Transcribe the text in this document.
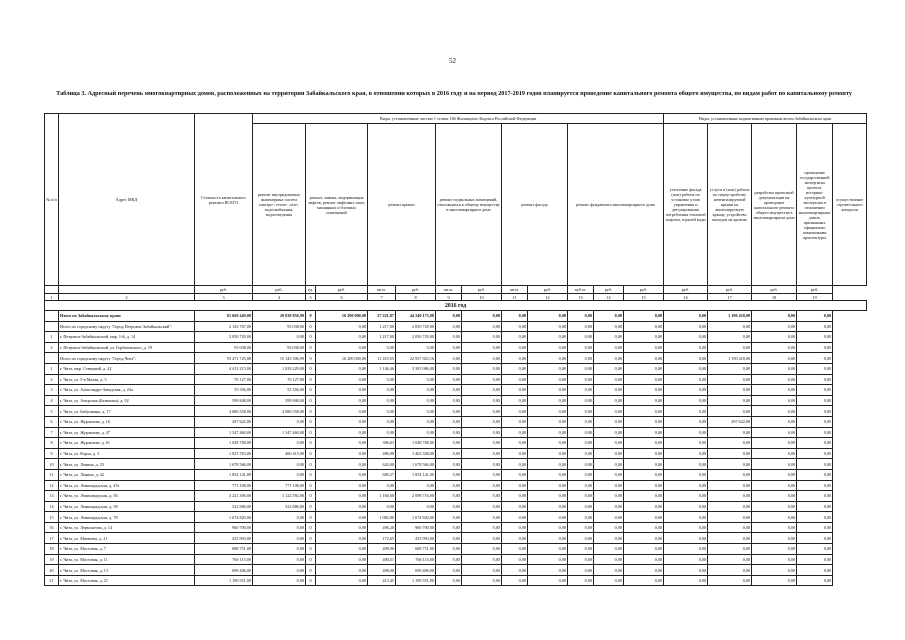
52
Таблица 3. Адресный перечень многоквартирных домов, расположенных на территории Забайкальского края, в отношении которых в 2016 году и на период 2017-2019 годов планируется проведение капитального ремонта общего имущества, по видам работ по капитальному ремонту
№ п/п	Адрес МКД	Стоимость капитального ремонта ВСЕГО	Виды, установленные частью 1 статьи 166 Жилищного Кодекса Российской Федерации												Виды, установленные нормативным правовым актом Забайкальского края				
			ремонт внутридомовых инженерных систем электро-, тепло-, газо-, водоснабжения, водоотведения	ремонт, замена, модернизация лифтов, ремонт лифтовых шахт, машинных и блочных помещений		ремонт крыши		ремонт подвальных помещений, относящихся к общему имуществу в многоквартирном доме		ремонт фасада		ремонт фундамента многоквартирного дома			утепление фасада (или) работы по установке узлов управления и регулирования потребления тепловой энергии, горячей воды	услуги и (или) работы по переустройству невентилируемой крыши на вентилируемую крышу, устройство выходов на кровлю	разработка проектной документации на проведение капитального ремонта общего имущества в многоквартирном доме	проведение государственной экспертизы проекта, историко-культурной экспертизы в отношении многоквартирных домов, признанных официально памятниками архитектуры	осуществление строительного контроля
		руб.	руб.	ед.	руб.	кв.м.	руб.	кв.м.	руб.	кв.м.	руб.	куб.м.	руб.	руб.	руб.	руб.	руб.	руб.	
1	2	3	4	5	6	7	8	9	10	11	12	13	14	15	16	17	18	19	
2016 год																			
	Итого по Забайкальскому краю:	81 669 449,08	20 038 856,99	9	16 200 000,00	27 221,87	44 240 175,08	0,00	0,00	0,00	0,00	0,00	0,00	0,00	0,00	1 190 418,00	0,00	0,00	
	Итого по городскому округу "Город Петровск-Забайкальский":	2 143 767,00	93 038,00	0	0,00	1 217,00	2 050 729,00	0,00	0,00	0,00	0,00	0,00	0,00	0,00	0,00	0,00	0,00	0,00	
1	г. Петровск-Забайкальский, мкр. 1-й, д. 14	2 050 729,00	0,00	0	0,00	1 217,00	2 050 729,00	0,00	0,00	0,00	0,00	0,00	0,00	0,00	0,00	0,00	0,00	0,00	
2	г. Петровск-Забайкальский, ул. Горбачевского, д. 19	93 038,00	93 038,00	0	0,00	0,00	0,00	0,00	0,00	0,00	0,00	0,00	0,00	0,00	0,00	0,00	0,00	0,00	
	Итого по городскому округу "Город Чита":	55 471 725,08	15 143 396,99	9	16 200 000,00	11 419,55	22 937 923,16	0,00	0,00	0,00	0,00	0,00	0,00	0,00	0,00	1 190 418,00	0,00	0,00	
1	г. Чита, мкр. Северный, д. 42	4 413 215,00	1 029 229,00	0	0,00	1 146,46	3 383 986,00	0,00	0,00	0,00	0,00	0,00	0,00	0,00	0,00	0,00	0,00	0,00	
2	г. Чита, ул. 5-я Малая, д. 5	70 127,00	70 127,00	0	0,00	0,00	0,00	0,00	0,00	0,00	0,00	0,00	0,00	0,00	0,00	0,00	0,00	0,00	
3	г. Чита, ул. Александро-Заводская, д. 24а	53 356,00	53 356,00	0	0,00	0,00	0,00	0,00	0,00	0,00	0,00	0,00	0,00	0,00	0,00	0,00	0,00	0,00	
4	г. Чита, ул. Амурская (Батюшки), д. 92	599 848,00	599 848,00	0	0,00	0,00	0,00	0,00	0,00	0,00	0,00	0,00	0,00	0,00	0,00	0,00	0,00	0,00	
5	г. Чита, ул. Бабушкина, д. 17	4 086 558,00	4 086 558,00	0	0,00	0,00	0,00	0,00	0,00	0,00	0,00	0,00	0,00	0,00	0,00	0,00	0,00	0,00	
6	г. Чита, ул. Журавлева, д. 16	297 622,00	0,00	0	0,00	0,00	0,00	0,00	0,00	0,00	0,00	0,00	0,00	0,00	0,00	297 622,00	0,00	0,00	
7	г. Чита, ул. Журавлева, д. 47	1 347 460,00	1 347 460,00	0	0,00	0,00	0,00	0,00	0,00	0,00	0,00	0,00	0,00	0,00	0,00	0,00	0,00	0,00	
8	г. Чита, ул. Журавлева, д. 61	1 048 768,00	0,00	0	0,00	396,63	1 048 768,00	0,00	0,00	0,00	0,00	0,00	0,00	0,00	0,00	0,00	0,00	0,00	
9	г. Чита, ул. Карла, д. 3	1 923 763,00	460 415,00	0	0,00	486,98	1 463 348,00	0,00	0,00	0,00	0,00	0,00	0,00	0,00	0,00	0,00	0,00	0,00	
10	г. Чита, ул. Ленина, д. 25	1 678 566,00	0,00	0	0,00	624,00	1 678 566,00	0,00	0,00	0,00	0,00	0,00	0,00	0,00	0,00	0,00	0,00	0,00	
11	г. Чита, ул. Ленина, д. 42	1 854 141,00	0,00	0	0,00	689,27	1 854 141,00	0,00	0,00	0,00	0,00	0,00	0,00	0,00	0,00	0,00	0,00	0,00	
12	г. Чита, ул. Ленинградская, д. 47а	771 108,00	771 108,00	0	0,00	0,00	0,00	0,00	0,00	0,00	0,00	0,00	0,00	0,00	0,00	0,00	0,00	0,00	
13	г. Чита, ул. Ленинградская, д. 56	3 221 306,00	1 122 592,00	0	0,00	1 160,00	2 098 716,00	0,00	0,00	0,00	0,00	0,00	0,00	0,00	0,00	0,00	0,00	0,00	
14	г. Чита, ул. Ленинградская, д. 58	522 686,00	522 686,00	0	0,00	0,00	0,00	0,00	0,00	0,00	0,00	0,00	0,00	0,00	0,00	0,00	0,00	0,00	
15	г. Чита, ул. Ленинградская, д. 78	1 674 820,00	0,00	0	0,00	1 082,00	1 674 820,00	0,00	0,00	0,00	0,00	0,00	0,00	0,00	0,00	0,00	0,00	0,00	
16	г. Чита, ул. Лермонтова, д. 14	960 700,00	0,00	0	0,00	496,20	960 700,00	0,00	0,00	0,00	0,00	0,00	0,00	0,00	0,00	0,00	0,00	0,00	
17	г. Чита, ул. Матвеева, д. 21	435 993,00	0,00	0	0,00	172,65	435 993,00	0,00	0,00	0,00	0,00	0,00	0,00	0,00	0,00	0,00	0,00	0,00	
18	г. Чита, ул. Мостовая, д. 7	688 751,00	0,00	0	0,00	498,96	688 751,00	0,00	0,00	0,00	0,00	0,00	0,00	0,00	0,00	0,00	0,00	0,00	
19	г. Чита, ул. Мостовая, д. 11	766 115,00	0,00	0	0,00	400,51	766 115,00	0,00	0,00	0,00	0,00	0,00	0,00	0,00	0,00	0,00	0,00	0,00	
20	г. Чита, ул. Мостовая, д. 13	699 406,00	0,00	0	0,00	498,00	699 406,00	0,00	0,00	0,00	0,00	0,00	0,00	0,00	0,00	0,00	0,00	0,00	
21	г. Чита, ул. Мостовая, д. 21	1 190 551,00	0,00	0	0,00	413,45	1 190 551,00	0,00	0,00	0,00	0,00	0,00	0,00	0,00	0,00	0,00	0,00	0,00	
